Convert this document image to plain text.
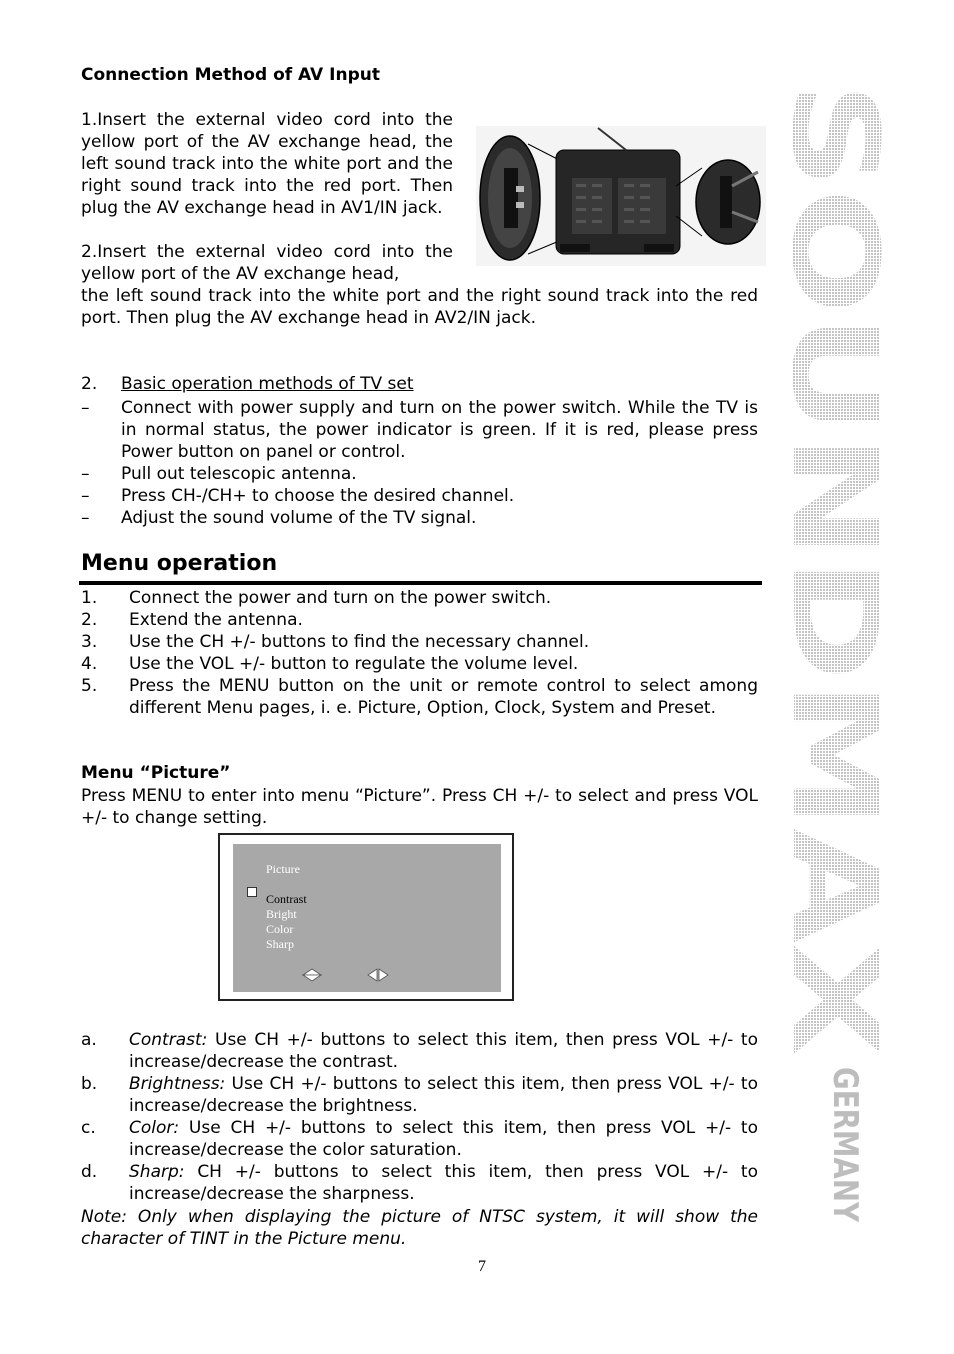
Connection Method of AV Input
1.Insert the external video cord into the yellow port of the AV exchange head, the left sound track into the white port and the right sound track into the red port. Then plug the AV exchange head in AV1/IN jack.
2.Insert the external video cord into the yellow port of the AV exchange head,
the left sound track into the white port and the right sound track into the red port. Then plug the AV exchange head in AV2/IN jack.
2. Basic operation methods of TV set
– Connect with power supply and turn on the power switch. While the TV is in normal status, the power indicator is green. If it is red, please press Power button on panel or control.
– Pull out telescopic antenna.
– Press CH-/CH+ to choose the desired channel.
– Adjust the sound volume of the TV signal.
Menu operation
1. Connect the power and turn on the power switch.
2. Extend the antenna.
3. Use the CH +/- buttons to find the necessary channel.
4. Use the VOL +/- button to regulate the volume level.
5. Press the MENU button on the unit or remote control to select among different Menu pages, i. e. Picture, Option, Clock, System and Preset.
Menu “Picture”
Press MENU to enter into menu “Picture”. Press CH +/- to select and press VOL +/- to change setting.
Picture
Contrast
Bright
Color
Sharp
a. Contrast: Use CH +/- buttons to select this item, then press VOL +/- to increase/decrease the contrast.
b. Brightness: Use CH +/- buttons to select this item, then press VOL +/- to increase/decrease the brightness.
c. Color: Use CH +/- buttons to select this item, then press VOL +/- to increase/decrease the color saturation.
d. Sharp: CH +/- buttons to select this item, then press VOL +/- to increase/decrease the sharpness.
Note: Only when displaying the picture of NTSC system, it will show the character of TINT in the Picture menu.
7
SOUNDMAX
GERMANY
